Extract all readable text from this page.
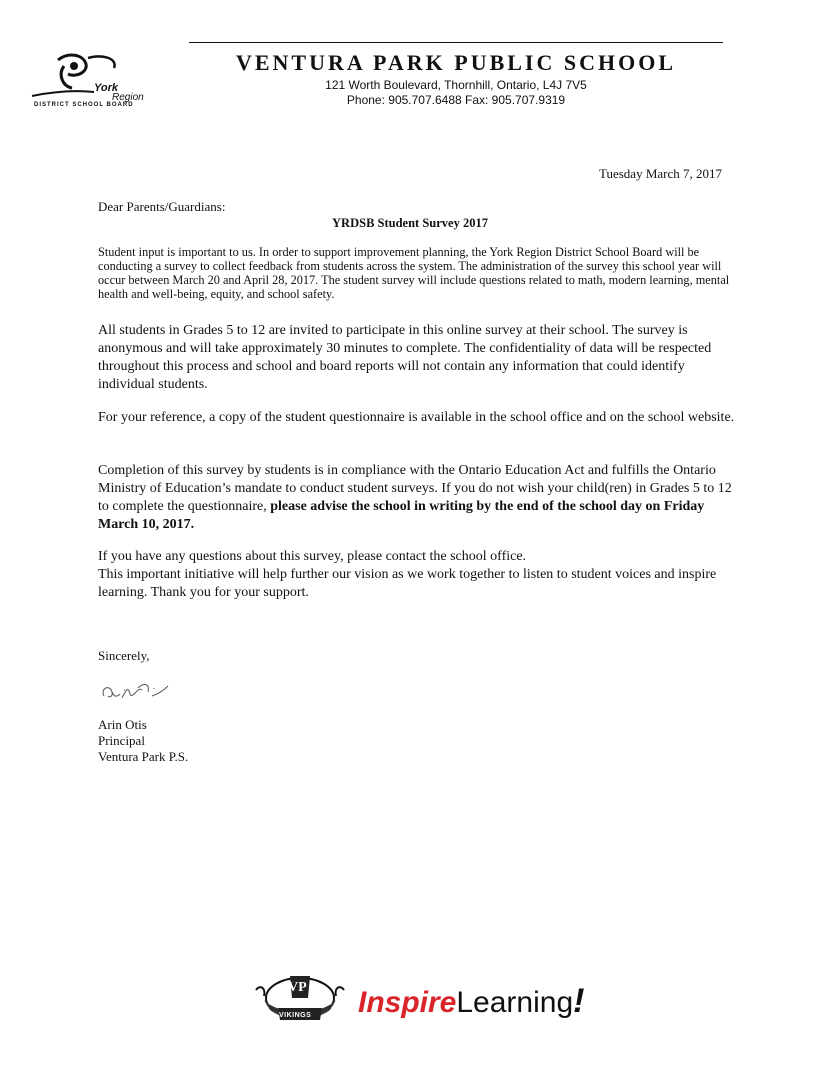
York
Region
DISTRICT SCHOOL BOARD
VENTURA PARK PUBLIC SCHOOL
121 Worth Boulevard, Thornhill, Ontario, L4J 7V5
Phone: 905.707.6488 Fax: 905.707.9319
Tuesday March 7, 2017
Dear Parents/Guardians:
YRDSB Student Survey 2017

Student input is important to us. In order to support improvement planning, the York Region District School Board will be conducting a survey to collect feedback from students across the system. The administration of the survey this school year will occur between March 20 and April 28, 2017. The student survey will include questions related to math, modern learning, mental health and well-being, equity, and school safety.

All students in Grades 5 to 12 are invited to participate in this online survey at their school. The survey is anonymous and will take approximately 30 minutes to complete. The confidentiality of data will be respected throughout this process and school and board reports will not contain any information that could identify individual students.

For your reference, a copy of the student questionnaire is available in the school office and on the school website.

Completion of this survey by students is in compliance with the Ontario Education Act and fulfills the Ontario Ministry of Education’s mandate to conduct student surveys. If you do not wish your child(ren) in Grades 5 to 12 to complete the questionnaire, please advise the school in writing by the end of the school day on Friday March 10, 2017.

If you have any questions about this survey, please contact the school office.
This important initiative will help further our vision as we work together to listen to student voices and inspire learning. Thank you for your support.

Sincerely,
Arin Otis
Principal
Ventura Park P.S.
VP
VIKINGS InspireLearning!
